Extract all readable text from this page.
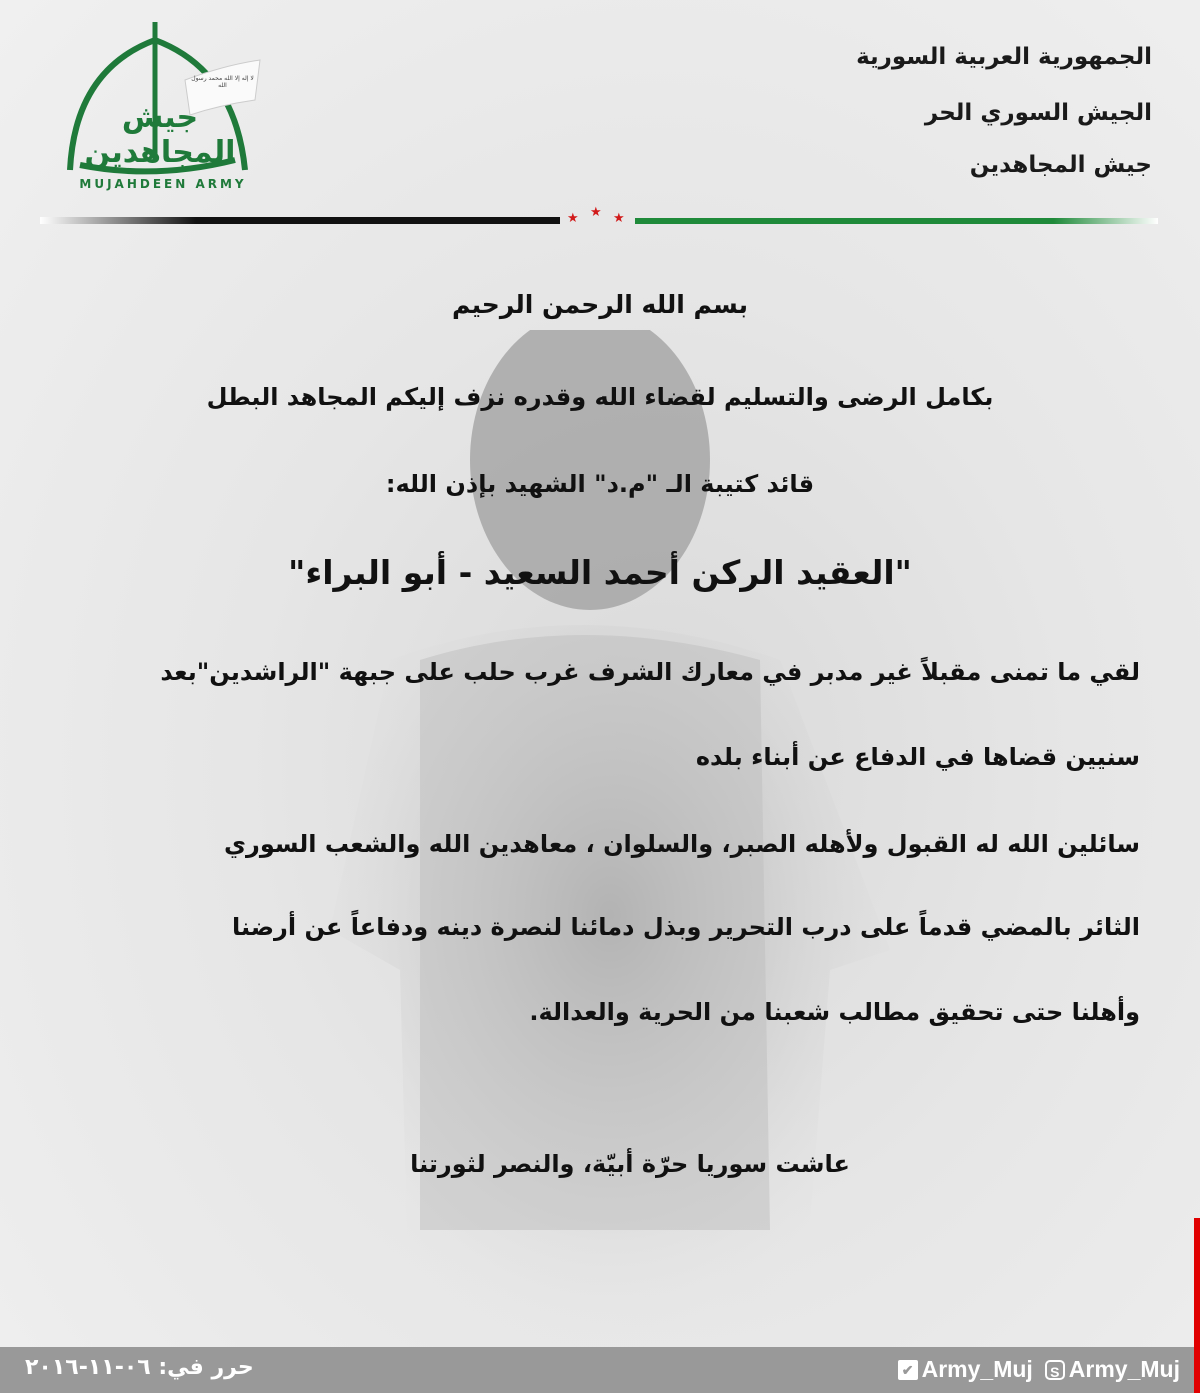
جيش المجاهدين
لا إله إلا الله محمد رسول الله
MUJAHDEEN ARMY
الجمهورية العربية السورية
الجيش السوري الحر
جيش المجاهدين
★ ★ ★
بسم الله الرحمن الرحيم
بكامل الرضى والتسليم لقضاء الله وقدره نزف إليكم المجاهد البطل
قائد كتيبة الـ "م.د" الشهيد بإذن الله:
"العقيد الركن أحمد السعيد - أبو البراء"
لقي ما تمنى مقبلاً غير مدبر في معارك الشرف غرب حلب على جبهة "الراشدين"بعد
سنيين قضاها في الدفاع عن أبناء بلده
سائلين الله له القبول ولأهله الصبر، والسلوان ، معاهدين الله والشعب السوري
الثائر بالمضي قدماً على درب التحرير وبذل دمائنا لنصرة دينه ودفاعاً عن أرضنا
وأهلنا حتى تحقيق مطالب شعبنا من الحرية والعدالة.
عاشت سوريا حرّة أبيّة، والنصر لثورتنا
حرر في: ٠٦-١١-٢٠١٦	✔ Army_Muj	S Army_Muj
